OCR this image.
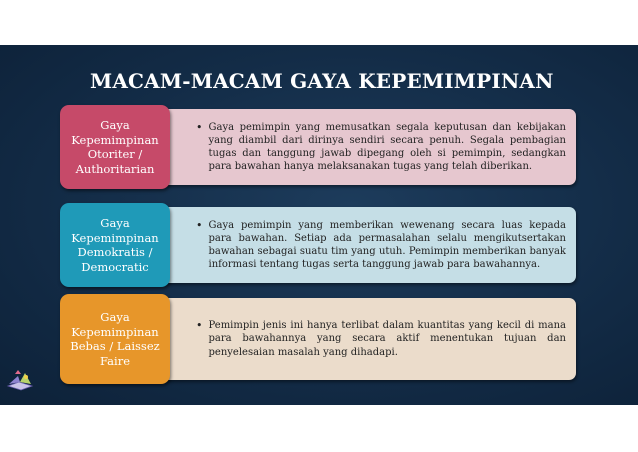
MACAM-MACAM GAYA KEPEMIMPINAN
• Gaya pemimpin yang memusatkan segala keputusan dan kebijakan yang diambil dari dirinya sendiri secara penuh. Segala pembagian tugas dan tanggung jawab dipegang oleh si pemimpin, sedangkan para bawahan hanya melaksanakan tugas yang telah diberikan.
Gaya Kepemimpinan Otoriter / Authoritarian
• Gaya pemimpin yang memberikan wewenang secara luas kepada para bawahan. Setiap ada permasalahan selalu mengikutsertakan bawahan sebagai suatu tim yang utuh. Pemimpin memberikan banyak informasi tentang tugas serta tanggung jawab para bawahannya.
Gaya Kepemimpinan Demokratis / Democratic
• Pemimpin jenis ini hanya terlibat dalam kuantitas yang kecil di mana para bawahannya yang secara aktif menentukan tujuan dan penyelesaian masalah yang dihadapi.
Gaya Kepemimpinan Bebas / Laissez Faire
